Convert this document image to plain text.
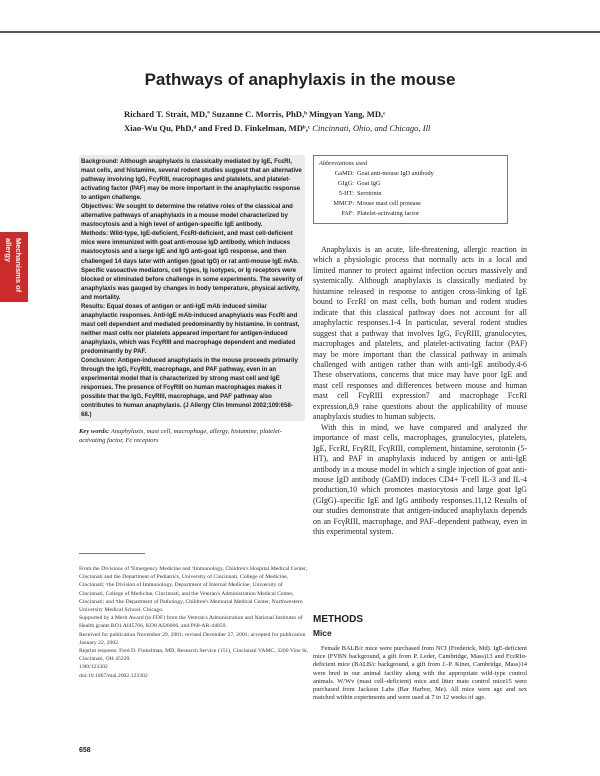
Pathways of anaphylaxis in the mouse
Richard T. Strait, MD,ª Suzanne C. Morris, PhD,ᵇ Mingyan Yang, MD,ᶜ
Xiao-Wu Qu, PhD,ᵈ and Fred D. Finkelman, MDᵇ,ᶜ Cincinnati, Ohio, and Chicago, Ill
Mechanisms of allergy

Background: Although anaphylaxis is classically mediated by IgE, FcεRI, mast cells, and histamine, several rodent studies suggest that an alternative pathway involving IgG, FcγRIII, macrophages and platelets, and platelet-activating factor (PAF) may be more important in the anaphylactic response to antigen challenge.

Objectives: We sought to determine the relative roles of the classical and alternative pathways of anaphylaxis in a mouse model characterized by mastocytosis and a high level of antigen-specific IgE antibody.

Methods: Wild-type, IgE-deficient, FcεRI-deficient, and mast cell-deficient mice were immunized with goat anti-mouse IgD antibody, which induces mastocytosis and a large IgE and IgG anti-goat IgG response, and then challenged 14 days later with antigen (goat IgG) or rat anti-mouse IgE mAb. Specific vasoactive mediators, cell types, Ig isotypes, or Ig receptors were blocked or eliminated before challenge in some experiments. The severity of anaphylaxis was gauged by changes in body temperature, physical activity, and mortality.

Results: Equal doses of antigen or anti-IgE mAb induced similar anaphylactic responses. Anti-IgE mAb-induced anaphylaxis was FcεRI and mast cell dependent and mediated predominantly by histamine. In contrast, neither mast cells nor platelets appeared important for antigen-induced anaphylaxis, which was FcγRIII and macrophage dependent and mediated predominantly by PAF.

Conclusion: Antigen-induced anaphylaxis in the mouse proceeds primarily through the IgG, FcγRIII, macrophage, and PAF pathway, even in an experimental model that is characterized by strong mast cell and IgE responses. The presence of FcγRIII on human macrophages makes it possible that the IgG, FcγRIII, macrophage, and PAF pathway also contributes to human anaphylaxis. (J Allergy Clin Immunol 2002;109:658-68.)

Key words: Anaphylaxis, mast cell, macrophage, allergy, histamine, platelet-activating factor, Fc receptors

From the Divisions of ªEmergency Medicine and ᵇImmunology, Children's Hospital Medical Center, Cincinnati and the Department of Pediatrics, University of Cincinnati, College of Medicine, Cincinnati; ᶜthe Division of Immunology, Department of Internal Medicine, University of Cincinnati, College of Medicine, Cincinnati, and the Veteran's Administration Medical Center, Cincinnati; and ᵈthe Department of Pathology, Children's Memorial Medical Center, Northwestern University Medical School, Chicago.

Supported by a Merit Award (to FDF) from the Veteran's Administration and National Institutes of Health grants RO1 AI45766, KO8 AI26006, and P60-AR-44059.

Received for publication November 29, 2001; revised December 27, 2001; accepted for publication January 22, 2002.

Reprint requests: Fred D. Finkelman, MD, Research Service (151), Cincinnati VAMC, 3200 Vine St, Cincinnati, OH 45220.

1/80/123302

doi:10.1067/mai.2002.123302

Abbreviations used
GaMD: Goat anti-mouse IgD antibody
GIgG: Goat IgG
5-HT: Serotonin
MMCP: Mouse mast cell protease
PAF: Platelet-activating factor

Anaphylaxis is an acute, life-threatening, allergic reaction in which a physiologic process that normally acts in a local and limited manner to protect against infection occurs massively and systemically. Although anaphylaxis is classically mediated by histamine released in response to antigen cross-linking of IgE bound to FcεRI on mast cells, both human and rodent studies indicate that this classical pathway does not account for all anaphylactic responses.1-4 In particular, several rodent studies suggest that a pathway that involves IgG, FcγRIII, granulocytes, macrophages and platelets, and platelet-activating factor (PAF) may be more important than the classical pathway in animals challenged with antigen rather than with anti-IgE antibody.4-6 These observations, concerns that mice may have poor IgE and mast cell responses and differences between mouse and human mast cell FcγRIII expression7 and macrophage FcεRI expression,8,9 raise questions about the applicability of mouse anaphylaxis studies to human subjects.

With this in mind, we have compared and analyzed the importance of mast cells, macrophages, granulocytes, platelets, IgE, FcεRI, FcγRII, FcγRIII, complement, histamine, serotonin (5-HT), and PAF in anaphylaxis induced by antigen or anti-IgE antibody in a mouse model in which a single injection of goat anti-mouse IgD antibody (GaMD) induces CD4+ T-cell IL-3 and IL-4 production,10 which promotes mastocytosis and large goat IgG (GIgG)–specific IgE and IgG antibody responses.11,12 Results of our studies demonstrate that antigen-induced anaphylaxis depends on an FcγRIII, macrophage, and PAF–dependent pathway, even in this experimental system.

METHODS
Mice

Female BALB/c mice were purchased from NCI (Frederick, Md). IgE-deficient mice (FVBN background, a gift from P. Leder, Cambridge, Mass)13 and FcεRIα-deficient mice (BALB/c background, a gift from J.-P. Kinet, Cambridge, Mass)14 were bred in our animal facility along with the appropriate wild-type control animals. W/Wv (mast cell–deficient) mice and litter mate control mice15 were purchased from Jackson Labs (Bar Harbor, Me). All mice were age and sex matched within experiments and were used at 7 to 12 weeks of age.

658
